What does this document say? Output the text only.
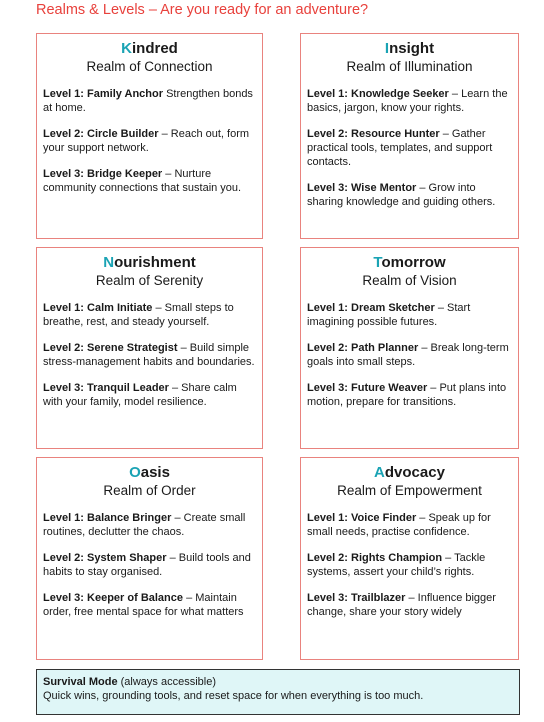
Realms & Levels – Are you ready for an adventure?
Kindred
Realm of Connection
Level 1: Family Anchor Strengthen bonds at home.
Level 2: Circle Builder – Reach out, form your support network.
Level 3: Bridge Keeper – Nurture community connections that sustain you.
Insight
Realm of Illumination
Level 1: Knowledge Seeker – Learn the basics, jargon, know your rights.
Level 2: Resource Hunter – Gather practical tools, templates, and support contacts.
Level 3: Wise Mentor – Grow into sharing knowledge and guiding others.
Nourishment
Realm of Serenity
Level 1: Calm Initiate – Small steps to breathe, rest, and steady yourself.
Level 2: Serene Strategist – Build simple stress-management habits and boundaries.
Level 3: Tranquil Leader – Share calm with your family, model resilience.
Tomorrow
Realm of Vision
Level 1: Dream Sketcher – Start imagining possible futures.
Level 2: Path Planner – Break long-term goals into small steps.
Level 3: Future Weaver – Put plans into motion, prepare for transitions.
Oasis
Realm of Order
Level 1: Balance Bringer – Create small routines, declutter the chaos.
Level 2: System Shaper – Build tools and habits to stay organised.
Level 3: Keeper of Balance – Maintain order, free mental space for what matters
Advocacy
Realm of Empowerment
Level 1: Voice Finder – Speak up for small needs, practise confidence.
Level 2: Rights Champion – Tackle systems, assert your child’s rights.
Level 3: Trailblazer – Influence bigger change, share your story widely
Survival Mode (always accessible)
Quick wins, grounding tools, and reset space for when everything is too much.
